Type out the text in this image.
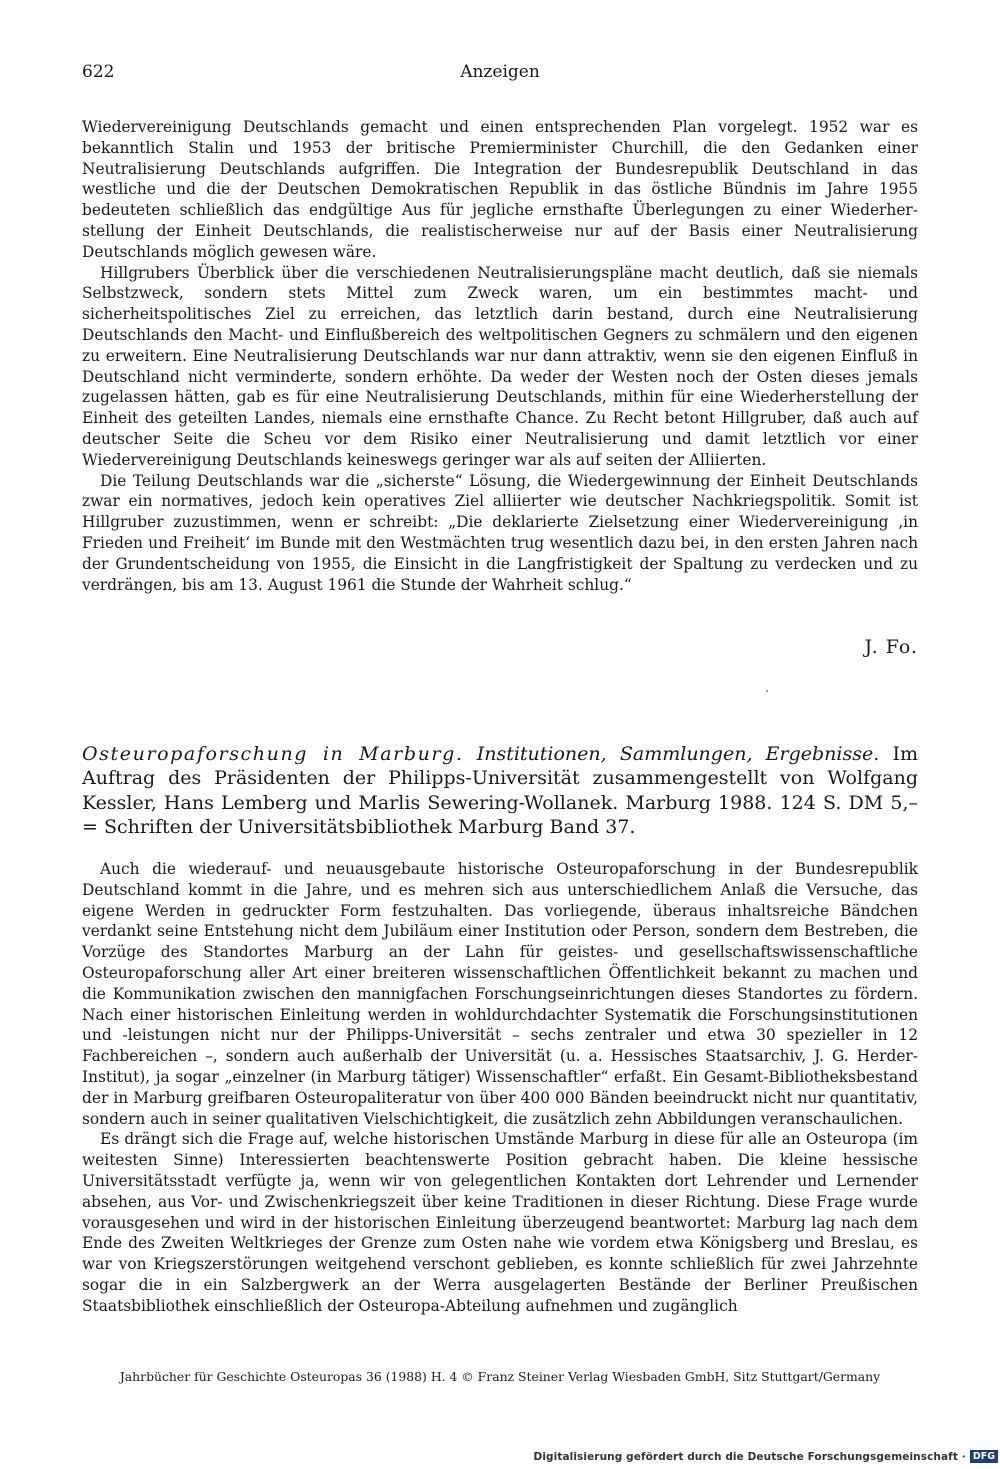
622	Anzeigen

Wiedervereinigung Deutschlands gemacht und einen entsprechenden Plan vorgelegt. 1952 war es bekanntlich Stalin und 1953 der britische Premierminister Churchill, die den Gedanken einer Neutralisierung Deutschlands aufgriffen. Die Integration der Bundesrepublik Deutschland in das westliche und die der Deutschen Demokratischen Republik in das östliche Bündnis im Jahre 1955 bedeuteten schließlich das endgültige Aus für jegliche ernsthafte Überlegungen zu einer Wiederherstellung der Einheit Deutschlands, die realistischerweise nur auf der Basis einer Neutralisierung Deutschlands möglich gewesen wäre.

Hillgrubers Überblick über die verschiedenen Neutralisierungspläne macht deutlich, daß sie niemals Selbstzweck, sondern stets Mittel zum Zweck waren, um ein bestimmtes macht- und sicherheitspolitisches Ziel zu erreichen, das letztlich darin bestand, durch eine Neutralisierung Deutschlands den Macht- und Einflußbereich des weltpolitischen Gegners zu schmälern und den eigenen zu erweitern. Eine Neutralisierung Deutschlands war nur dann attraktiv, wenn sie den eigenen Einfluß in Deutschland nicht verminderte, sondern erhöhte. Da weder der Westen noch der Osten dieses jemals zugelassen hätten, gab es für eine Neutralisierung Deutschlands, mithin für eine Wiederherstellung der Einheit des geteilten Landes, niemals eine ernsthafte Chance. Zu Recht betont Hillgruber, daß auch auf deutscher Seite die Scheu vor dem Risiko einer Neutralisierung und damit letztlich vor einer Wiedervereinigung Deutschlands keineswegs geringer war als auf seiten der Alliierten.

Die Teilung Deutschlands war die „sicherste“ Lösung, die Wiedergewinnung der Einheit Deutschlands zwar ein normatives, jedoch kein operatives Ziel alliierter wie deutscher Nachkriegspolitik. Somit ist Hillgruber zuzustimmen, wenn er schreibt: „Die deklarierte Zielsetzung einer Wiedervereinigung ‚in Frieden und Freiheit‘ im Bunde mit den Westmächten trug wesentlich dazu bei, in den ersten Jahren nach der Grundentscheidung von 1955, die Einsicht in die Langfristigkeit der Spaltung zu verdecken und zu verdrängen, bis am 13. August 1961 die Stunde der Wahrheit schlug.“

J. Fo.
Osteuropaforschung in Marburg. Institutionen, Sammlungen, Ergebnisse. Im Auftrag des Präsidenten der Philipps-Universität zusammengestellt von Wolfgang Kessler, Hans Lemberg und Marlis Sewering-Wollanek. Marburg 1988. 124 S. DM 5,– = Schriften der Universitätsbibliothek Marburg Band 37.

Auch die wiederauf- und neuausgebaute historische Osteuropaforschung in der Bundesrepublik Deutschland kommt in die Jahre, und es mehren sich aus unterschiedlichem Anlaß die Versuche, das eigene Werden in gedruckter Form festzuhalten. Das vorliegende, überaus inhaltsreiche Bändchen verdankt seine Entstehung nicht dem Jubiläum einer Institution oder Person, sondern dem Bestreben, die Vorzüge des Standortes Marburg an der Lahn für geistes- und gesellschaftswissenschaftliche Osteuropaforschung aller Art einer breiteren wissenschaftlichen Öffentlichkeit bekannt zu machen und die Kommunikation zwischen den mannigfachen Forschungseinrichtungen dieses Standortes zu fördern. Nach einer historischen Einleitung werden in wohldurchdachter Systematik die Forschungsinstitutionen und -leistungen nicht nur der Philipps-Universität – sechs zentraler und etwa 30 spezieller in 12 Fachbereichen –, sondern auch außerhalb der Universität (u. a. Hessisches Staatsarchiv, J. G. Herder-Institut), ja sogar „einzelner (in Marburg tätiger) Wissenschaftler“ erfaßt. Ein Gesamt-Bibliotheksbestand der in Marburg greifbaren Osteuropaliteratur von über 400 000 Bänden beeindruckt nicht nur quantitativ, sondern auch in seiner qualitativen Vielschichtigkeit, die zusätzlich zehn Abbildungen veranschaulichen.

Es drängt sich die Frage auf, welche historischen Umstände Marburg in diese für alle an Osteuropa (im weitesten Sinne) Interessierten beachtenswerte Position gebracht haben. Die kleine hessische Universitätsstadt verfügte ja, wenn wir von gelegentlichen Kontakten dort Lehrender und Lernender absehen, aus Vor- und Zwischenkriegszeit über keine Traditionen in dieser Richtung. Diese Frage wurde vorausgesehen und wird in der historischen Einleitung überzeugend beantwortet: Marburg lag nach dem Ende des Zweiten Weltkrieges der Grenze zum Osten nahe wie vordem etwa Königsberg und Breslau, es war von Kriegszerstörungen weitgehend verschont geblieben, es konnte schließlich für zwei Jahrzehnte sogar die in ein Salzbergwerk an der Werra ausgelagerten Bestände der Berliner Preußischen Staatsbibliothek einschließlich der Osteuropa-Abteilung aufnehmen und zugänglich

Jahrbücher für Geschichte Osteuropas 36 (1988) H. 4 © Franz Steiner Verlag Wiesbaden GmbH, Sitz Stuttgart/Germany
Digitalisierung gefördert durch die Deutsche Forschungsgemeinschaft · DFG
